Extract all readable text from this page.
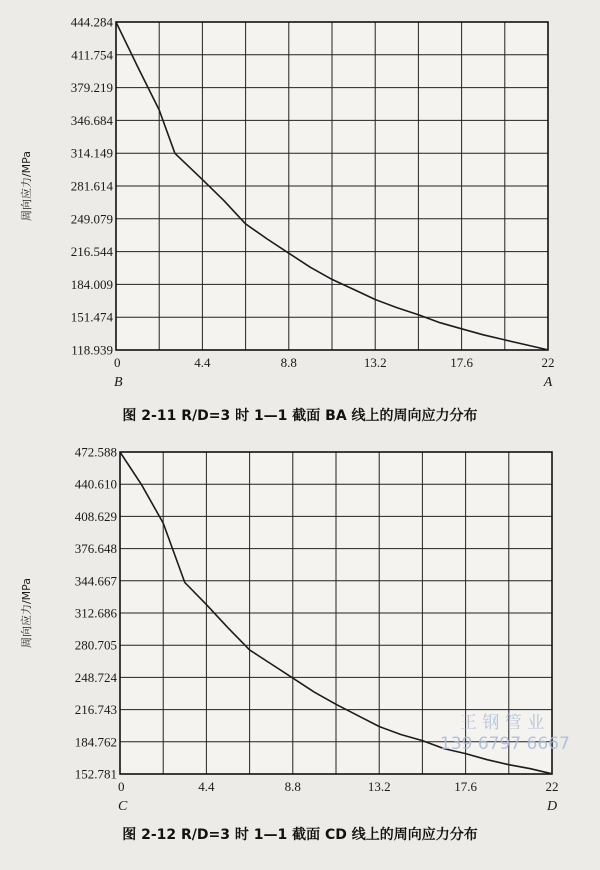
444.284
411.754
379.219
346.684
314.149
281.614
249.079
216.544
184.009
151.474
118.939
0	4.4	8.8	13.2	17.6	22
B	A
周向应力/MPa
图 2-11 R/D=3 时 1—1 截面 BA 线上的周向应力分布
472.588
440.610
408.629
376.648
344.667
312.686
280.705
248.724
216.743
184.762
152.781
0	4.4	8.8	13.2	17.6	22
C	D
周向应力/MPa
图 2-12 R/D=3 时 1—1 截面 CD 线上的周向应力分布
王 钢 管 业
139 6797 6667
